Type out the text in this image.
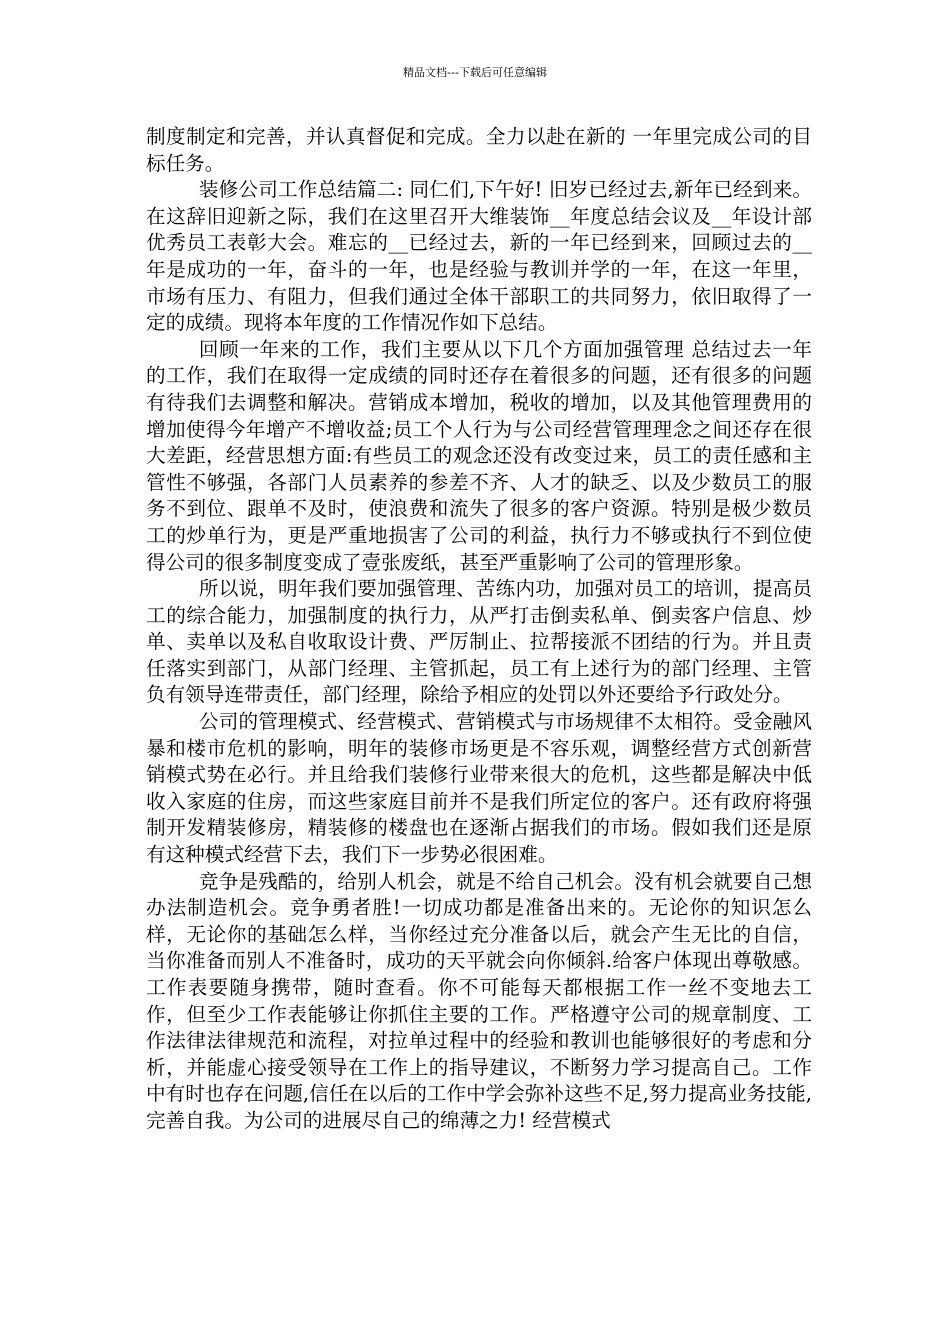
精品文档---下载后可任意编辑

制度制定和完善，并认真督促和完成。全力以赴在新的 一年里完成公司的目标任务。

装修公司工作总结篇二: 同仁们,下午好! 旧岁已经过去,新年已经到来。在这辞旧迎新之际，我们在这里召开大维装饰__年度总结会议及__年设计部优秀员工表彰大会。难忘的__已经过去，新的一年已经到来，回顾过去的__年是成功的一年，奋斗的一年，也是经验与教训并学的一年，在这一年里，市场有压力、有阻力，但我们通过全体干部职工的共同努力，依旧取得了一定的成绩。现将本年度的工作情况作如下总结。

回顾一年来的工作，我们主要从以下几个方面加强管理 总结过去一年的工作，我们在取得一定成绩的同时还存在着很多的问题，还有很多的问题有待我们去调整和解决。营销成本增加，税收的增加，以及其他管理费用的增加使得今年增产不增收益;员工个人行为与公司经营管理理念之间还存在很大差距，经营思想方面:有些员工的观念还没有改变过来，员工的责任感和主管性不够强，各部门人员素养的参差不齐、人才的缺乏、以及少数员工的服务不到位、跟单不及时，使浪费和流失了很多的客户资源。特别是极少数员工的炒单行为，更是严重地损害了公司的利益，执行力不够或执行不到位使得公司的很多制度变成了壹张废纸，甚至严重影响了公司的管理形象。

所以说，明年我们要加强管理、苦练内功，加强对员工的培训，提高员工的综合能力，加强制度的执行力，从严打击倒卖私单、倒卖客户信息、炒单、卖单以及私自收取设计费、严厉制止、拉帮接派不团结的行为。并且责任落实到部门，从部门经理、主管抓起，员工有上述行为的部门经理、主管负有领导连带责任，部门经理，除给予相应的处罚以外还要给予行政处分。

公司的管理模式、经营模式、营销模式与市场规律不太相符。受金融风暴和楼市危机的影响，明年的装修市场更是不容乐观，调整经营方式创新营销模式势在必行。并且给我们装修行业带来很大的危机，这些都是解决中低收入家庭的住房，而这些家庭目前并不是我们所定位的客户。还有政府将强制开发精装修房，精装修的楼盘也在逐渐占据我们的市场。假如我们还是原有这种模式经营下去，我们下一步势必很困难。

竞争是残酷的，给别人机会，就是不给自己机会。没有机会就要自己想办法制造机会。竞争勇者胜!一切成功都是准备出来的。无论你的知识怎么样，无论你的基础怎么样，当你经过充分准备以后，就会产生无比的自信，当你准备而别人不准备时，成功的天平就会向你倾斜.给客户体现出尊敬感。工作表要随身携带，随时查看。你不可能每天都根据工作一丝不变地去工作，但至少工作表能够让你抓住主要的工作。严格遵守公司的规章制度、工作法律法律规范和流程，对拉单过程中的经验和教训也能够很好的考虑和分析，并能虚心接受领导在工作上的指导建议，不断努力学习提高自己。工作中有时也存在问题,信任在以后的工作中学会弥补这些不足,努力提高业务技能,完善自我。为公司的进展尽自己的绵薄之力! 经营模式
